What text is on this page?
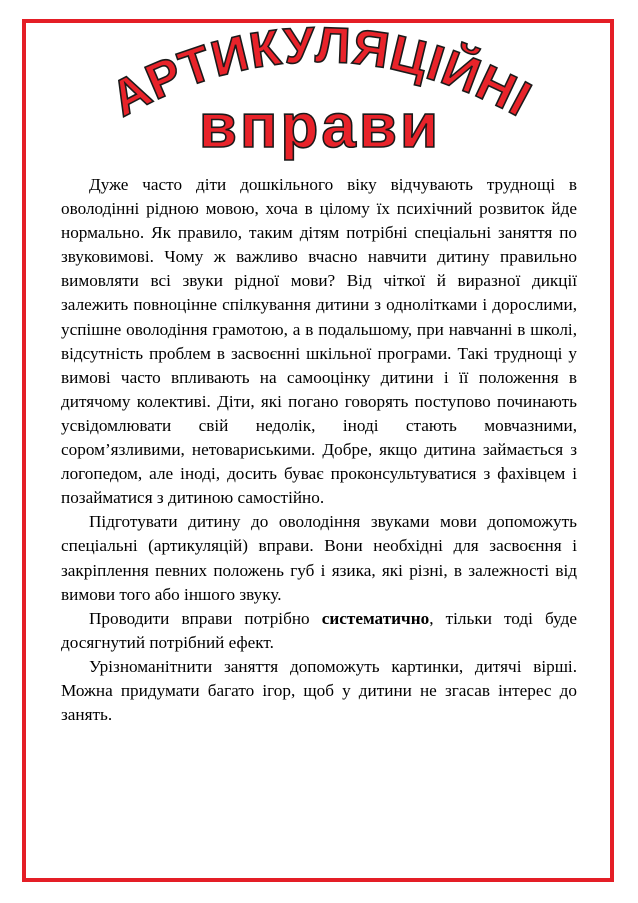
АРТИКУЛЯЦІЙНІ
вправи

Дуже часто діти дошкільного віку відчувають труднощі в оволодінні рідною мовою, хоча в цілому їх психічний розвиток йде нормально. Як правило, таким дітям потрібні спеціальні заняття по звуковимові. Чому ж важливо вчасно навчити дитину правильно вимовляти всі звуки рідної мови? Від чіткої й виразної дикції залежить повноцінне спілкування дитини з однолітками і дорослими, успішне оволодіння грамотою, а в подальшому, при навчанні в школі, відсутність проблем в засвоєнні шкільної програми. Такі труднощі у вимові часто впливають на самооцінку дитини і її положення в дитячому колективі. Діти, які погано говорять поступово починають усвідомлювати свій недолік, іноді стають мовчазними, сором’язливими, нетовариськими. Добре, якщо дитина займається з логопедом, але іноді, досить буває проконсультуватися з фахівцем і позайматися з дитиною самостійно.

Підготувати дитину до оволодіння звуками мови допоможуть спеціальні (артикуляцій) вправи. Вони необхідні для засвоєння і закріплення певних положень губ і язика, які різні, в залежності від вимови того або іншого звуку.

Проводити вправи потрібно систематично, тільки тоді буде досягнутий потрібний ефект.

Урізноманітнити заняття допоможуть картинки, дитячі вірші. Можна придумати багато ігор, щоб у дитини не згасав інтерес до занять.
